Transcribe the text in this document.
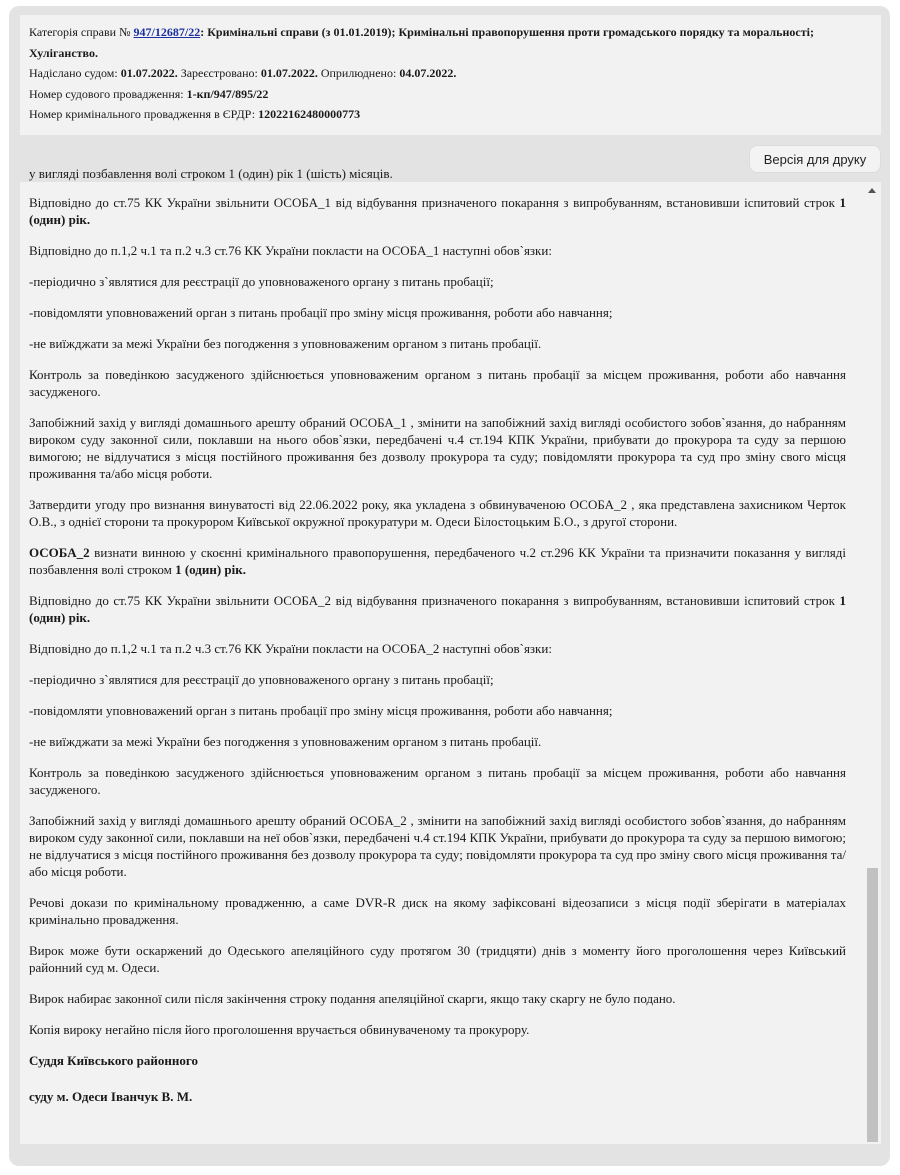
Категорія справи № 947/12687/22: Кримінальні справи (з 01.01.2019); Кримінальні правопорушення проти громадського порядку та моральності; Хуліганство.
Надіслано судом: 01.07.2022. Зареєстровано: 01.07.2022. Оприлюднено: 04.07.2022.
Номер судового провадження: 1-кп/947/895/22
Номер кримінального провадження в ЄРДР: 12022162480000773
Версія для друку

у вигляді позбавлення волі строком 1 (один) рік 1 (шість) місяців.

Відповідно до ст.75 КК України звільнити ОСОБА_1 від відбування призначеного покарання з випробуванням, встановивши іспитовий строк 1 (один) рік.

Відповідно до п.1,2 ч.1 та п.2 ч.3 ст.76 КК України покласти на ОСОБА_1 наступні обов`язки:

-періодично з`являтися для реєстрації до уповноваженого органу з питань пробації;

-повідомляти уповноважений орган з питань пробації про зміну місця проживання, роботи або навчання;

-не виїжджати за межі України без погодження з уповноваженим органом з питань пробації.

Контроль за поведінкою засудженого здійснюється уповноваженим органом з питань пробації за місцем проживання, роботи або навчання засудженого.

Запобіжний захід у вигляді домашнього арешту обраний ОСОБА_1 , змінити на запобіжний захід вигляді особистого зобов`язання, до набранням вироком суду законної сили, поклавши на нього обов`язки, передбачені ч.4 ст.194 КПК України, прибувати до прокурора та суду за першою вимогою; не відлучатися з місця постійного проживання без дозволу прокурора та суду; повідомляти прокурора та суд про зміну свого місця проживання та/або місця роботи.

Затвердити угоду про визнання винуватості від 22.06.2022 року, яка укладена з обвинуваченою ОСОБА_2 , яка представлена захисником Черток О.В., з однієї сторони та прокурором Київської окружної прокуратури м. Одеси Білостоцьким Б.О., з другої сторони.

ОСОБА_2 визнати винною у скоєнні кримінального правопорушення, передбаченого ч.2 ст.296 КК України та призначити показання у вигляді позбавлення волі строком 1 (один) рік.

Відповідно до ст.75 КК України звільнити ОСОБА_2 від відбування призначеного покарання з випробуванням, встановивши іспитовий строк 1 (один) рік.

Відповідно до п.1,2 ч.1 та п.2 ч.3 ст.76 КК України покласти на ОСОБА_2 наступні обов`язки:

-періодично з`являтися для реєстрації до уповноваженого органу з питань пробації;

-повідомляти уповноважений орган з питань пробації про зміну місця проживання, роботи або навчання;

-не виїжджати за межі України без погодження з уповноваженим органом з питань пробації.

Контроль за поведінкою засудженого здійснюється уповноваженим органом з питань пробації за місцем проживання, роботи або навчання засудженого.

Запобіжний захід у вигляді домашнього арешту обраний ОСОБА_2 , змінити на запобіжний захід вигляді особистого зобов`язання, до набранням вироком суду законної сили, поклавши на неї обов`язки, передбачені ч.4 ст.194 КПК України, прибувати до прокурора та суду за першою вимогою; не відлучатися з місця постійного проживання без дозволу прокурора та суду; повідомляти прокурора та суд про зміну свого місця проживання та/або місця роботи.

Речові докази по кримінальному провадженню, а саме DVR-R диск на якому зафіксовані відеозаписи з місця події зберігати в матеріалах кримінально провадження.

Вирок може бути оскаржений до Одеського апеляційного суду протягом 30 (тридцяти) днів з моменту його проголошення через Київський районний суд м. Одеси.

Вирок набирає законної сили після закінчення строку подання апеляційної скарги, якщо таку скаргу не було подано.

Копія вироку негайно після його проголошення вручається обвинуваченому та прокурору.

Суддя Київського районного

суду м. Одеси Іванчук В. М.
